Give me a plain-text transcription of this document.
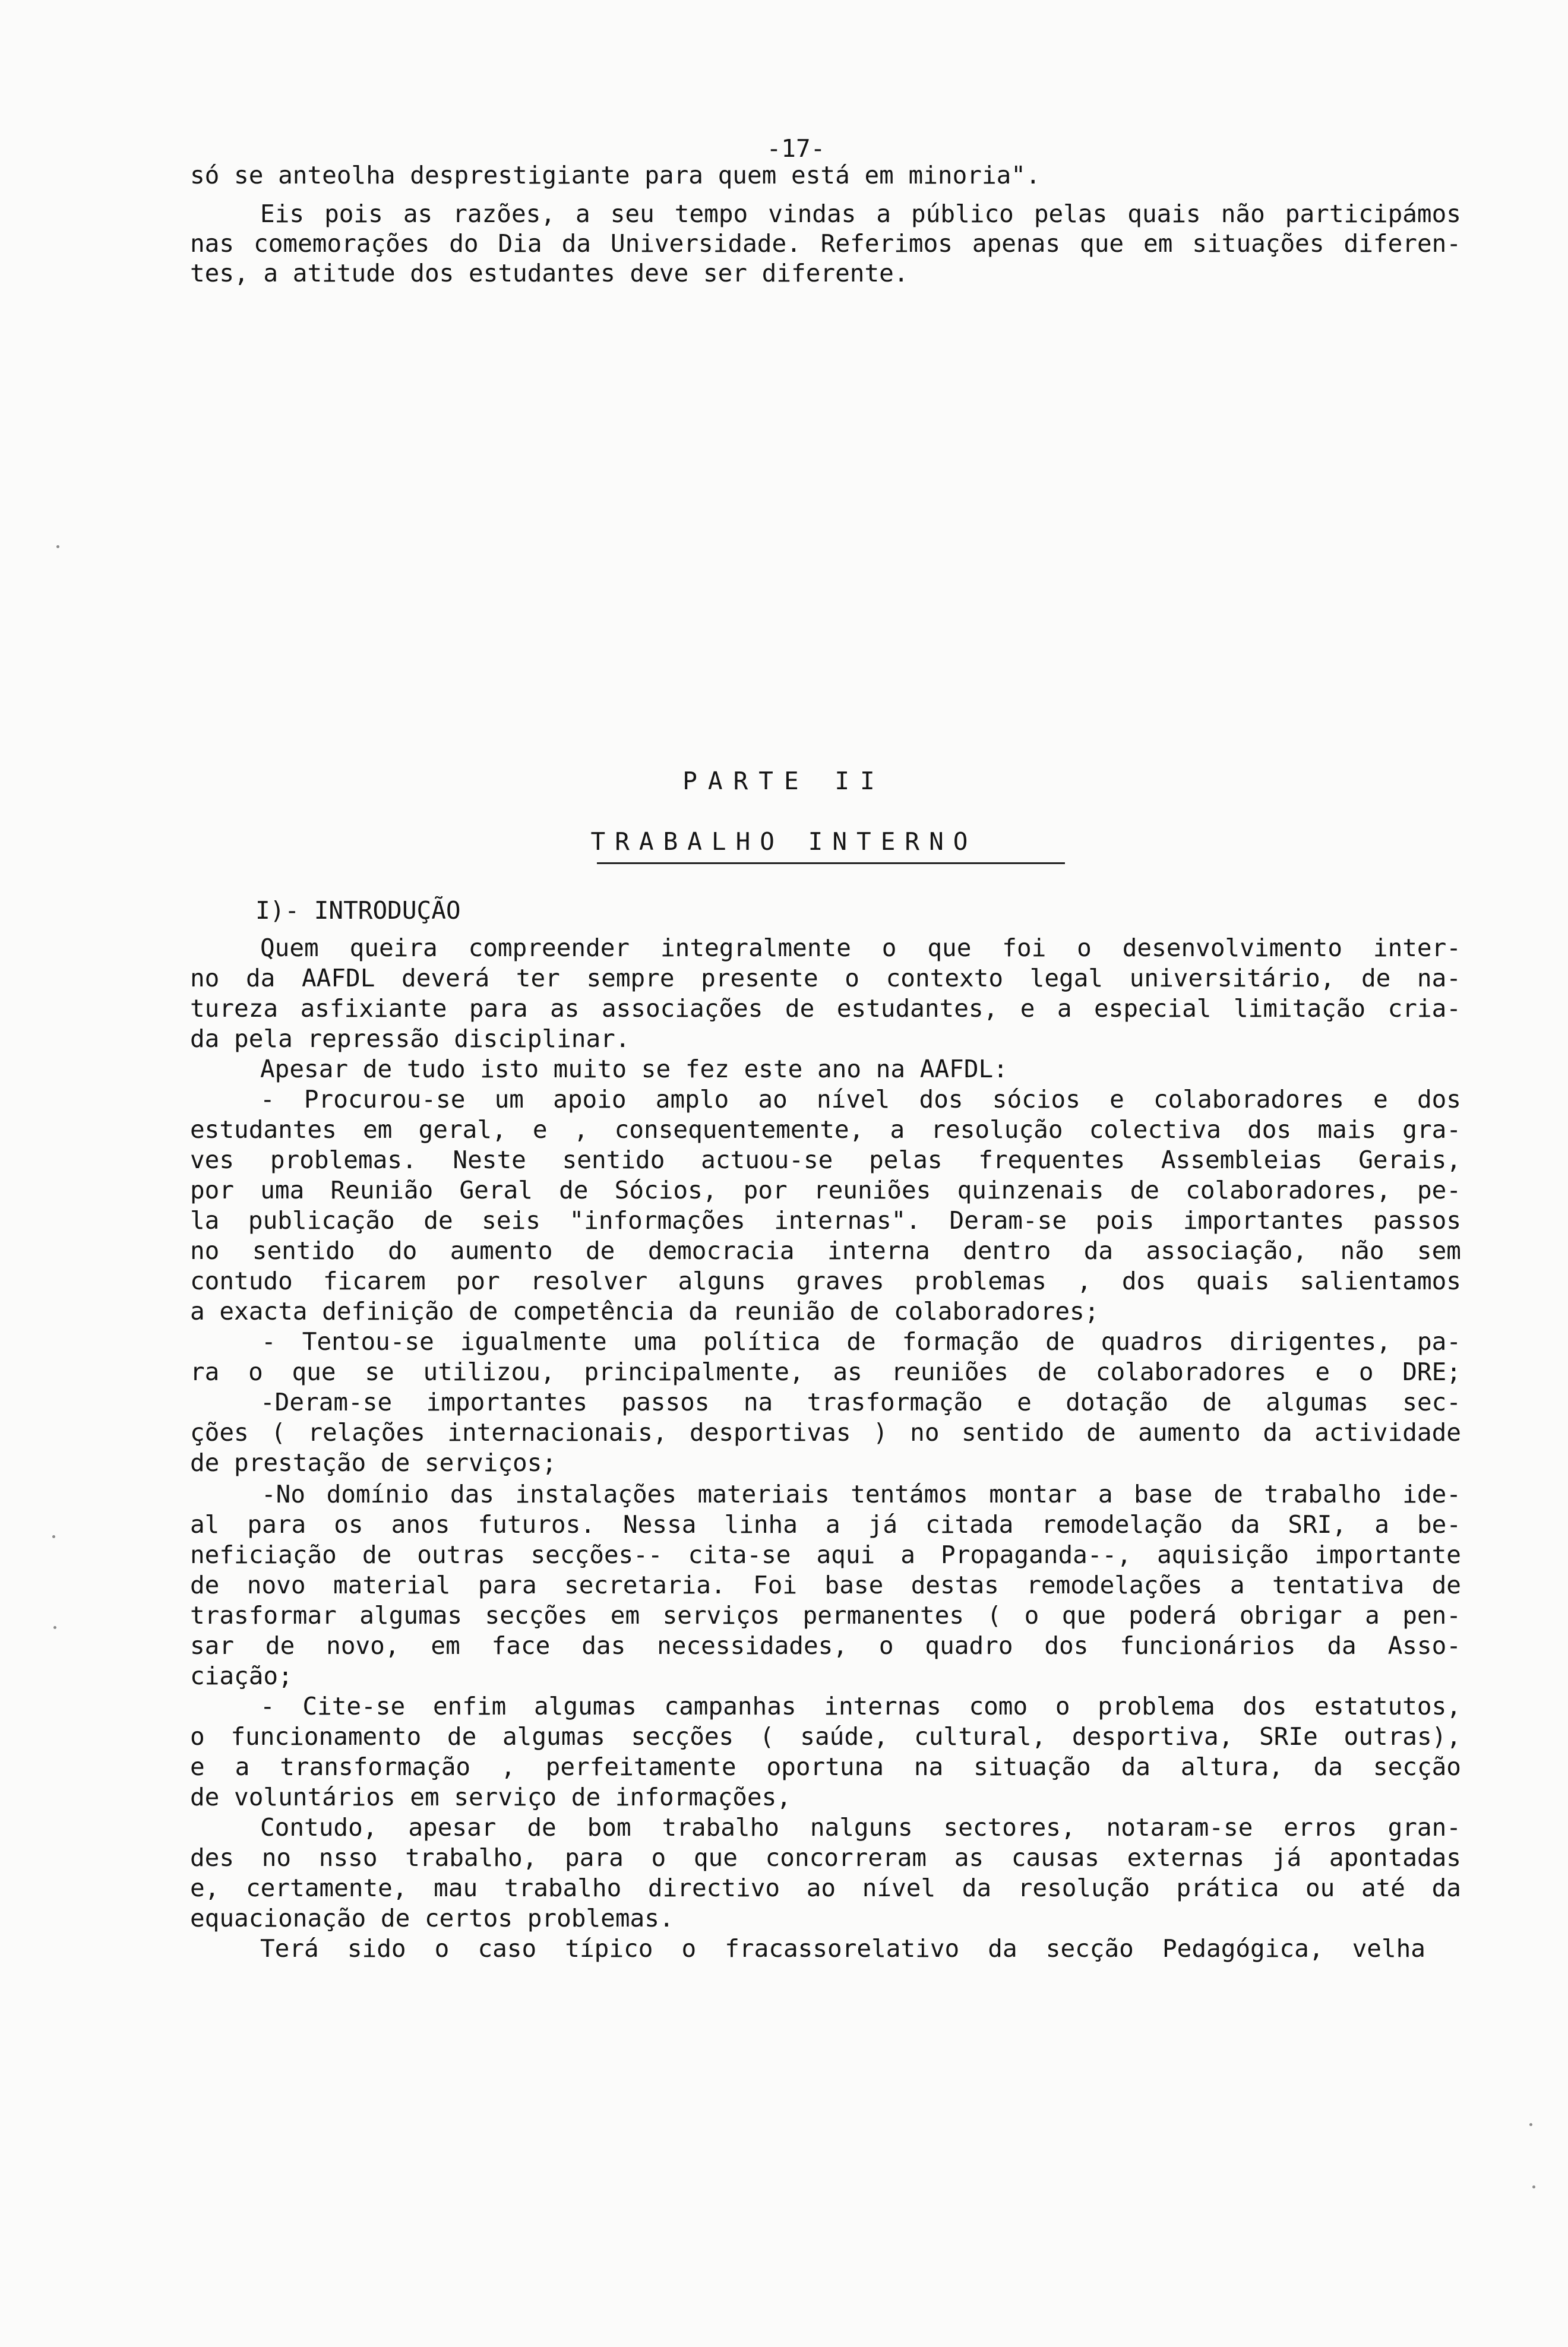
-17-
só se anteolha desprestigiante para quem está em minoria".
Eis pois as razões, a seu tempo vindas a público pelas quais não participámos
nas comemorações do Dia da Universidade. Referimos apenas que em situações diferen-
tes, a atitude dos estudantes deve ser diferente.
PARTE II
TRABALHO INTERNO
I)- INTRODUÇÃO
Quem queira compreender integralmente o que foi o desenvolvimento inter-
no da AAFDL deverá ter sempre presente o contexto legal universitário, de na-
tureza asfixiante para as associações de estudantes, e a especial limitação cria-
da pela repressão disciplinar.
Apesar de tudo isto muito se fez este ano na AAFDL:
- Procurou-se um apoio amplo ao nível dos sócios e colaboradores e dos
estudantes em geral, e , consequentemente, a resolução colectiva dos mais gra-
ves problemas. Neste sentido actuou-se pelas frequentes Assembleias Gerais,
por uma Reunião Geral de Sócios, por reuniões quinzenais de colaboradores, pe-
la publicação de seis "informações internas". Deram-se pois importantes passos
no sentido do aumento de democracia interna dentro da associação, não sem
contudo ficarem por resolver alguns graves problemas , dos quais salientamos
a exacta definição de competência da reunião de colaboradores;
- Tentou-se igualmente uma política de formação de quadros dirigentes, pa-
ra o que se utilizou, principalmente, as reuniões de colaboradores e o DRE;
-Deram-se importantes passos na trasformação e dotação de algumas sec-
ções ( relações internacionais, desportivas ) no sentido de aumento da actividade
de prestação de serviços;
-No domínio das instalações materiais tentámos montar a base de trabalho ide-
al para os anos futuros. Nessa linha a já citada remodelação da SRI, a be-
neficiação de outras secções-- cita-se aqui a Propaganda--, aquisição importante
de novo material para secretaria. Foi base destas remodelações a tentativa de
trasformar algumas secções em serviços permanentes ( o que poderá obrigar a pen-
sar de novo, em face das necessidades, o quadro dos funcionários da Asso-
ciação;
- Cite-se enfim algumas campanhas internas como o problema dos estatutos,
o funcionamento de algumas secções ( saúde, cultural, desportiva, SRIe outras),
e a transformação , perfeitamente oportuna na situação da altura, da secção
de voluntários em serviço de informações,
Contudo, apesar de bom trabalho nalguns sectores, notaram-se erros gran-
des no nsso trabalho, para o que concorreram as causas externas já apontadas
e, certamente, mau trabalho directivo ao nível da resolução prática ou até da
equacionação de certos problemas.
Terá sido o caso típico o fracassorelativo da secção Pedagógica, velha
